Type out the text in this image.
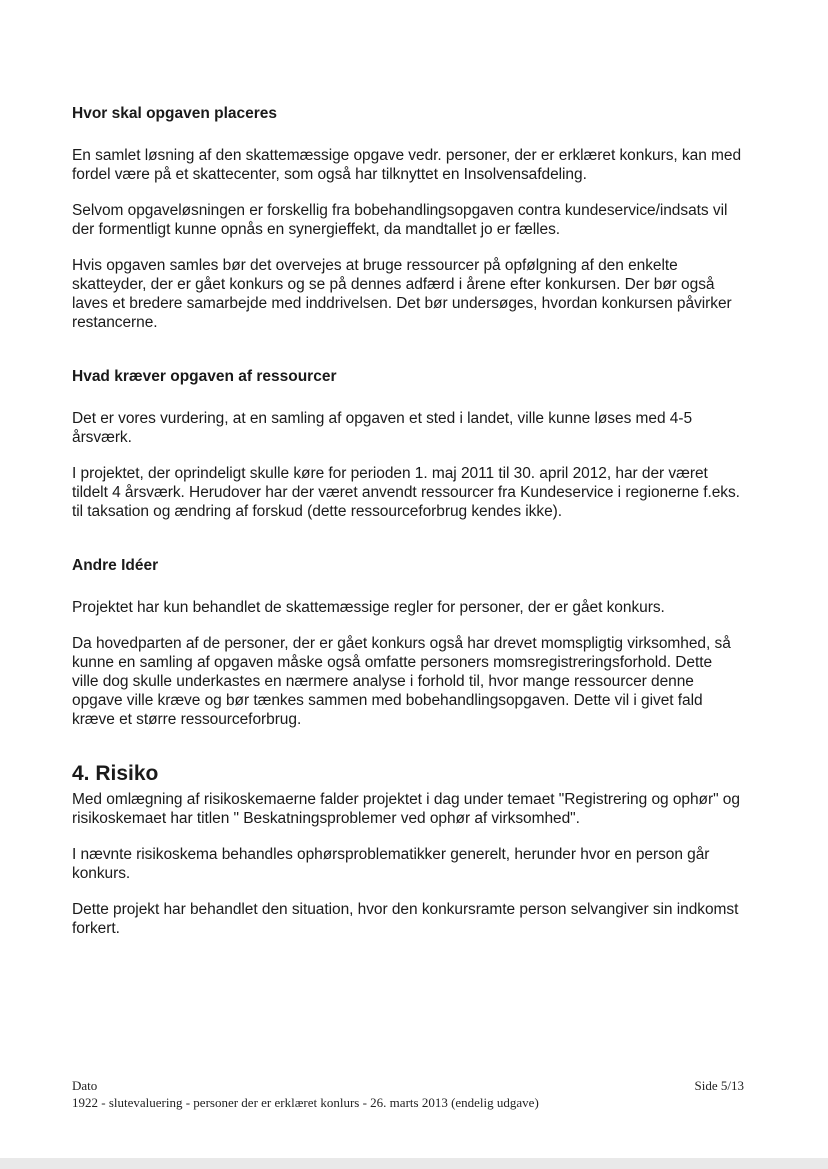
Hvor skal opgaven placeres

En samlet løsning af den skattemæssige opgave vedr. personer, der er erklæret konkurs, kan med fordel være på et skattecenter, som også har tilknyttet en Insolvensafdeling.

Selvom opgaveløsningen er forskellig fra bobehandlingsopgaven contra kundeservice/indsats vil der formentligt kunne opnås en synergieffekt, da mandtallet jo er fælles.

Hvis opgaven samles bør det overvejes at bruge ressourcer på opfølgning af den enkelte skatteyder, der er gået konkurs og se på dennes adfærd i årene efter konkursen. Der bør også laves et bredere samarbejde med inddrivelsen. Det bør undersøges, hvordan konkursen påvirker restancerne.

Hvad kræver opgaven af ressourcer

Det er vores vurdering, at en samling af opgaven et sted i landet, ville kunne løses med 4-5 årsværk.

I projektet, der oprindeligt skulle køre for perioden 1. maj 2011 til 30. april 2012, har der været tildelt 4 årsværk. Herudover har der været anvendt ressourcer fra Kundeservice i regionerne f.eks. til taksation og ændring af forskud (dette ressourceforbrug kendes ikke).

Andre Idéer

Projektet har kun behandlet de skattemæssige regler for personer, der er gået konkurs.

Da hovedparten af de personer, der er gået konkurs også har drevet momspligtig virksomhed, så kunne en samling af opgaven måske også omfatte personers momsregistreringsforhold. Dette ville dog skulle underkastes en nærmere analyse i forhold til, hvor mange ressourcer denne opgave ville kræve og bør tænkes sammen med bobehandlingsopgaven. Dette vil i givet fald kræve et større ressourceforbrug.

4. Risiko

Med omlægning af risikoskemaerne falder projektet i dag under temaet "Registrering og ophør" og risikoskemaet har titlen " Beskatningsproblemer ved ophør af virksomhed".

I nævnte risikoskema behandles ophørsproblematikker generelt, herunder hvor en person går konkurs.

Dette projekt har behandlet den situation, hvor den konkursramte person selvangiver sin indkomst forkert.

Dato	Side 5/13
1922 - slutevaluering - personer der er erklæret konlurs - 26. marts 2013 (endelig udgave)
